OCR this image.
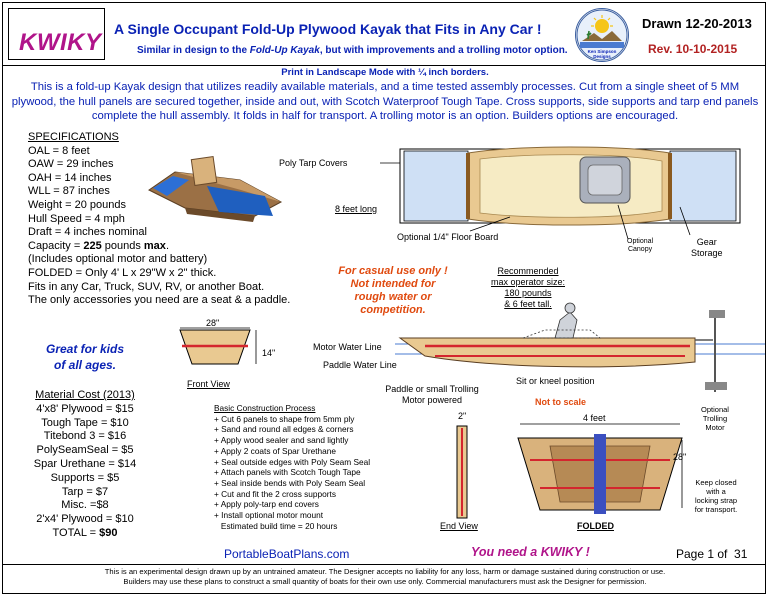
KWIKY A Single Occupant Fold-Up Plywood Kayak that Fits in Any Car !
Similar in design to the Fold-Up Kayak, but with improvements and a trolling motor option.	Ken Simpson
Designs
Drawn 12-20-2013
Rev. 10-10-2015
Print in Landscape Mode with ¼ inch borders.
This is a fold-up Kayak design that utilizes readily available materials, and a time tested assembly processes. Cut from a single sheet of 5 MM plywood, the hull panels are secured together, inside and out, with Scotch Waterproof Tough Tape. Cross supports, side supports and tarp end panels complete the hull assembly. It folds in half for transport. A trolling motor is an option. Builders options are encouraged.
SPECIFICATIONS
OAL = 8 feet
OAW = 29 inches
OAH = 14 inches
WLL = 87 inches
Weight = 20 pounds
Hull Speed = 4 mph
Draft = 4 inches nominal
Capacity = 225 pounds max.
(Includes optional motor and battery)
FOLDED = Only 4' L x 29"W x 2" thick.
Fits in any Car, Truck, SUV, RV, or another Boat.
The only accessories you need are a seat & a paddle.
Poly Tarp Covers
8 feet long
Optional 1/4" Floor Board	Optional
Canopy
Gear
Storage
For casual use only !
Not intended for
rough water or
competition.
Recommended
max operator size:
180 pounds
& 6 feet tall.
28"
14"
Front View
Motor Water Line
Paddle Water Line
Sit or kneel position
Paddle or small Trolling
Motor powered
Optional
Trolling
Motor
Great for kids
of all ages.
Material Cost (2013)
4'x8' Plywood = $15
Tough Tape = $10
Titebond 3 = $16
PolySeamSeal = $5
Spar Urethane = $14
Supports = $5
Tarp = $7
Misc. =$8
2'x4' Plywood = $10
TOTAL = $90
Basic Construction Process
+ Cut 6 panels to shape from 5mm ply
+ Sand and round all edges & corners
+ Apply wood sealer and sand lightly
+ Apply 2 coats of Spar Urethane
+ Seal outside edges with Poly Seam Seal
+ Attach panels with Scotch Tough Tape
+ Seal inside bends with Poly Seam Seal
+ Cut and fit the 2 cross supports
+ Apply poly-tarp end covers
+ Install optional motor mount
Estimated build time = 20 hours
2"
End View
Not to scale
4 feet
28"
FOLDED
Keep closed
with a
locking strap
for transport.
PortableBoatPlans.com	You need a KWIKY !	Page 1 of  31
This is an experimental design drawn up by an untrained amateur. The Designer accepts no liability for any loss, harm or damage sustained during construction or use.
Builders may use these plans to construct a small quantity of boats for their own use only. Commercial manufacturers must ask the Designer for permission.
